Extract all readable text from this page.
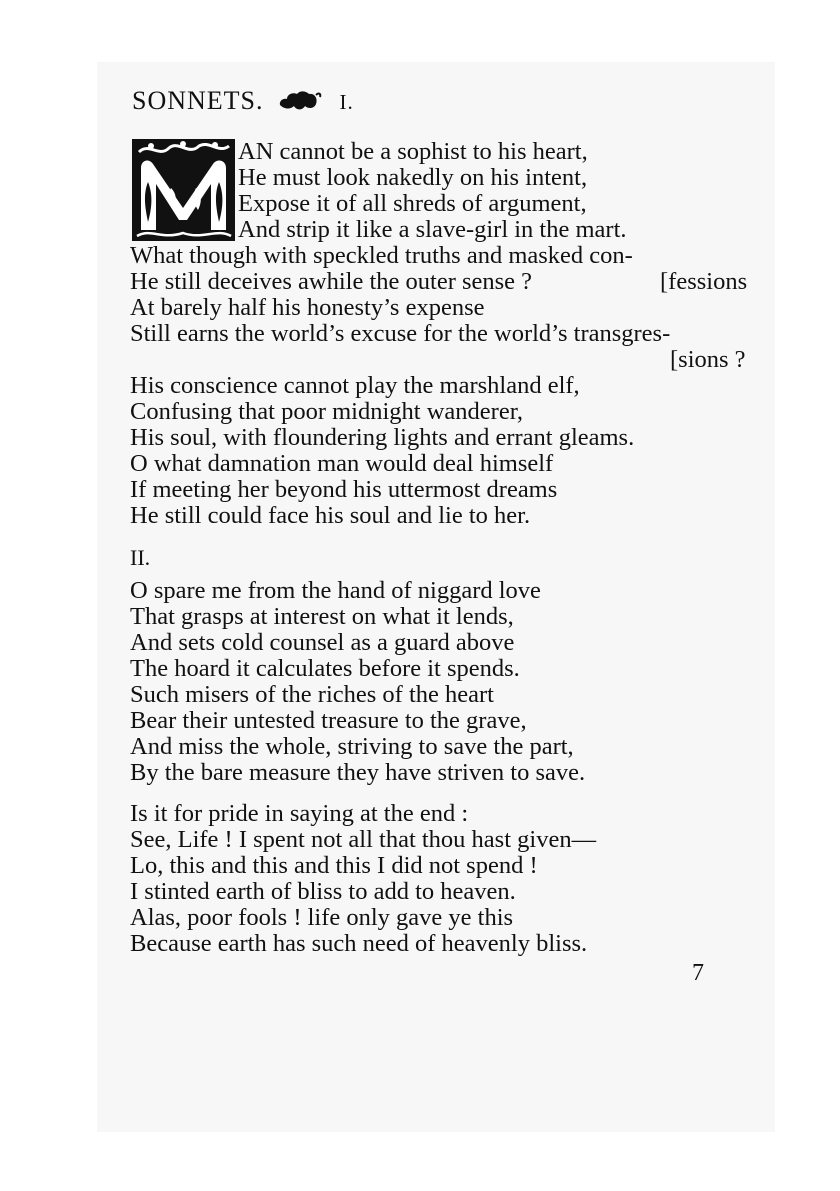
SONNETS.	I.
AN cannot be a sophist to his heart,
He must look nakedly on his intent,
Expose it of all shreds of argument,
And strip it like a slave-girl in the mart.
What though with speckled truths and masked con-
He still deceives awhile the outer sense ?	[fessions
At barely half his honesty’s expense
Still earns the world’s excuse for the world’s transgres-
[sions ?
His conscience cannot play the marshland elf,
Confusing that poor midnight wanderer,
His soul, with floundering lights and errant gleams.
O what damnation man would deal himself
If meeting her beyond his uttermost dreams
He still could face his soul and lie to her.
II.
O spare me from the hand of niggard love
That grasps at interest on what it lends,
And sets cold counsel as a guard above
The hoard it calculates before it spends.
Such misers of the riches of the heart
Bear their untested treasure to the grave,
And miss the whole, striving to save the part,
By the bare measure they have striven to save.
Is it for pride in saying at the end :
See, Life ! I spent not all that thou hast given—
Lo, this and this and this I did not spend !
I stinted earth of bliss to add to heaven.
Alas, poor fools ! life only gave ye this
Because earth has such need of heavenly bliss.
7
